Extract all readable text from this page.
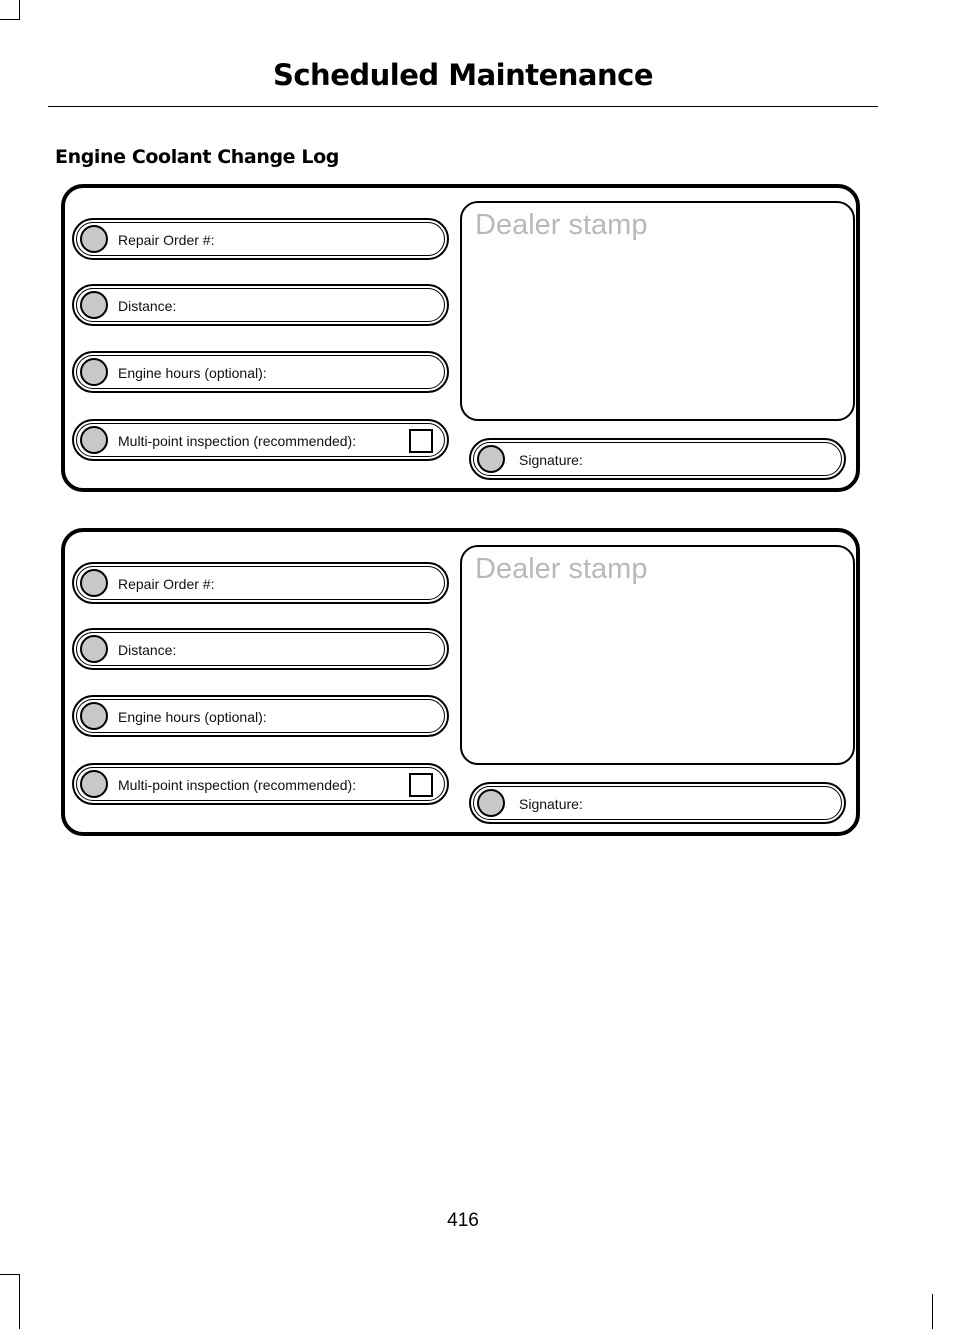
Scheduled Maintenance
Engine Coolant Change Log
Repair Order #:
Distance:
Engine hours (optional):
Multi-point inspection (recommended):
Dealer stamp
Signature:
Repair Order #:
Distance:
Engine hours (optional):
Multi-point inspection (recommended):
Dealer stamp
Signature:
416
